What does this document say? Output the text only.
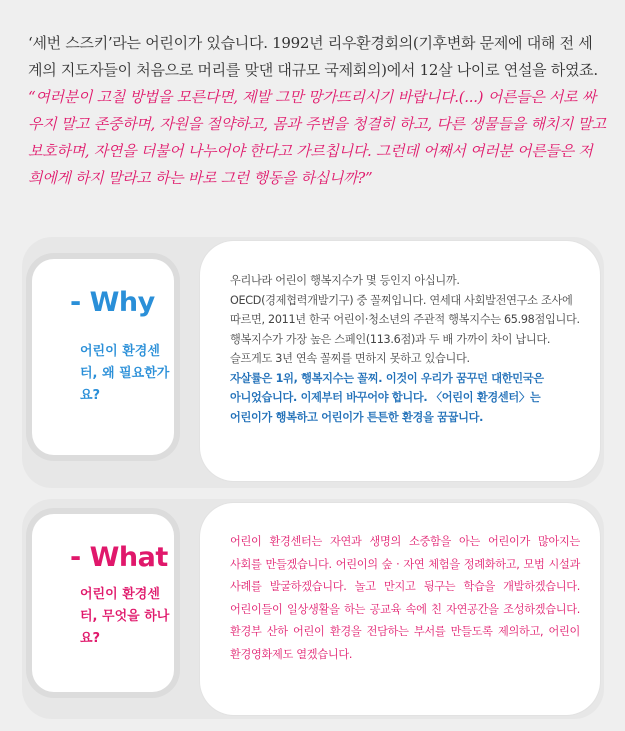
‘세번 스즈키’라는 어린이가 있습니다. 1992년 리우환경회의(기후변화 문제에 대해 전 세계의 지도자들이 처음으로 머리를 맞댄 대규모 국제회의)에서 12살 나이로 연설을 하였죠.

“여러분이 고칠 방법을 모른다면, 제발 그만 망가뜨리시기 바랍니다.(...) 어른들은 서로 싸우지 말고 존중하며, 자원을 절약하고, 몸과 주변을 청결히 하고, 다른 생물들을 해치지 말고 보호하며, 자연을 더불어 나누어야 한다고 가르칩니다. 그런데 어째서 여러분 어른들은 저희에게 하지 말라고 하는 바로 그런 행동을 하십니까?”

- Why
어린이 환경센터, 왜 필요한가요?
우리나라 어린이 행복지수가 몇 등인지 아십니까. OECD(경제협력개발기구) 중 꼴찌입니다. 연세대 사회발전연구소 조사에 따르면, 2011년 한국 어린이·청소년의 주관적 행복지수는 65.98점입니다. 행복지수가 가장 높은 스페인(113.6점)과 두 배 가까이 차이 납니다. 슬프게도 3년 연속 꼴찌를 면하지 못하고 있습니다.
자살률은 1위, 행복지수는 꼴찌. 이것이 우리가 꿈꾸던 대한민국은 아니었습니다. 이제부터 바꾸어야 합니다. 〈어린이 환경센터〉는 어린이가 행복하고 어린이가 튼튼한 환경을 꿈꿉니다.
- What
어린이 환경센터, 무엇을 하나요?
어린이 환경센터는 자연과 생명의 소중함을 아는 어린이가 많아지는 사회를 만들겠습니다. 어린이의 숲 · 자연 체험을 정례화하고, 모범 시설과 사례를 발굴하겠습니다. 놀고 만지고 뒹구는 학습을 개발하겠습니다. 어린이들이 일상생활을 하는 공교육 속에 친 자연공간을 조성하겠습니다. 환경부 산하 어린이 환경을 전담하는 부서를 만들도록 제의하고, 어린이 환경영화제도 열겠습니다.
